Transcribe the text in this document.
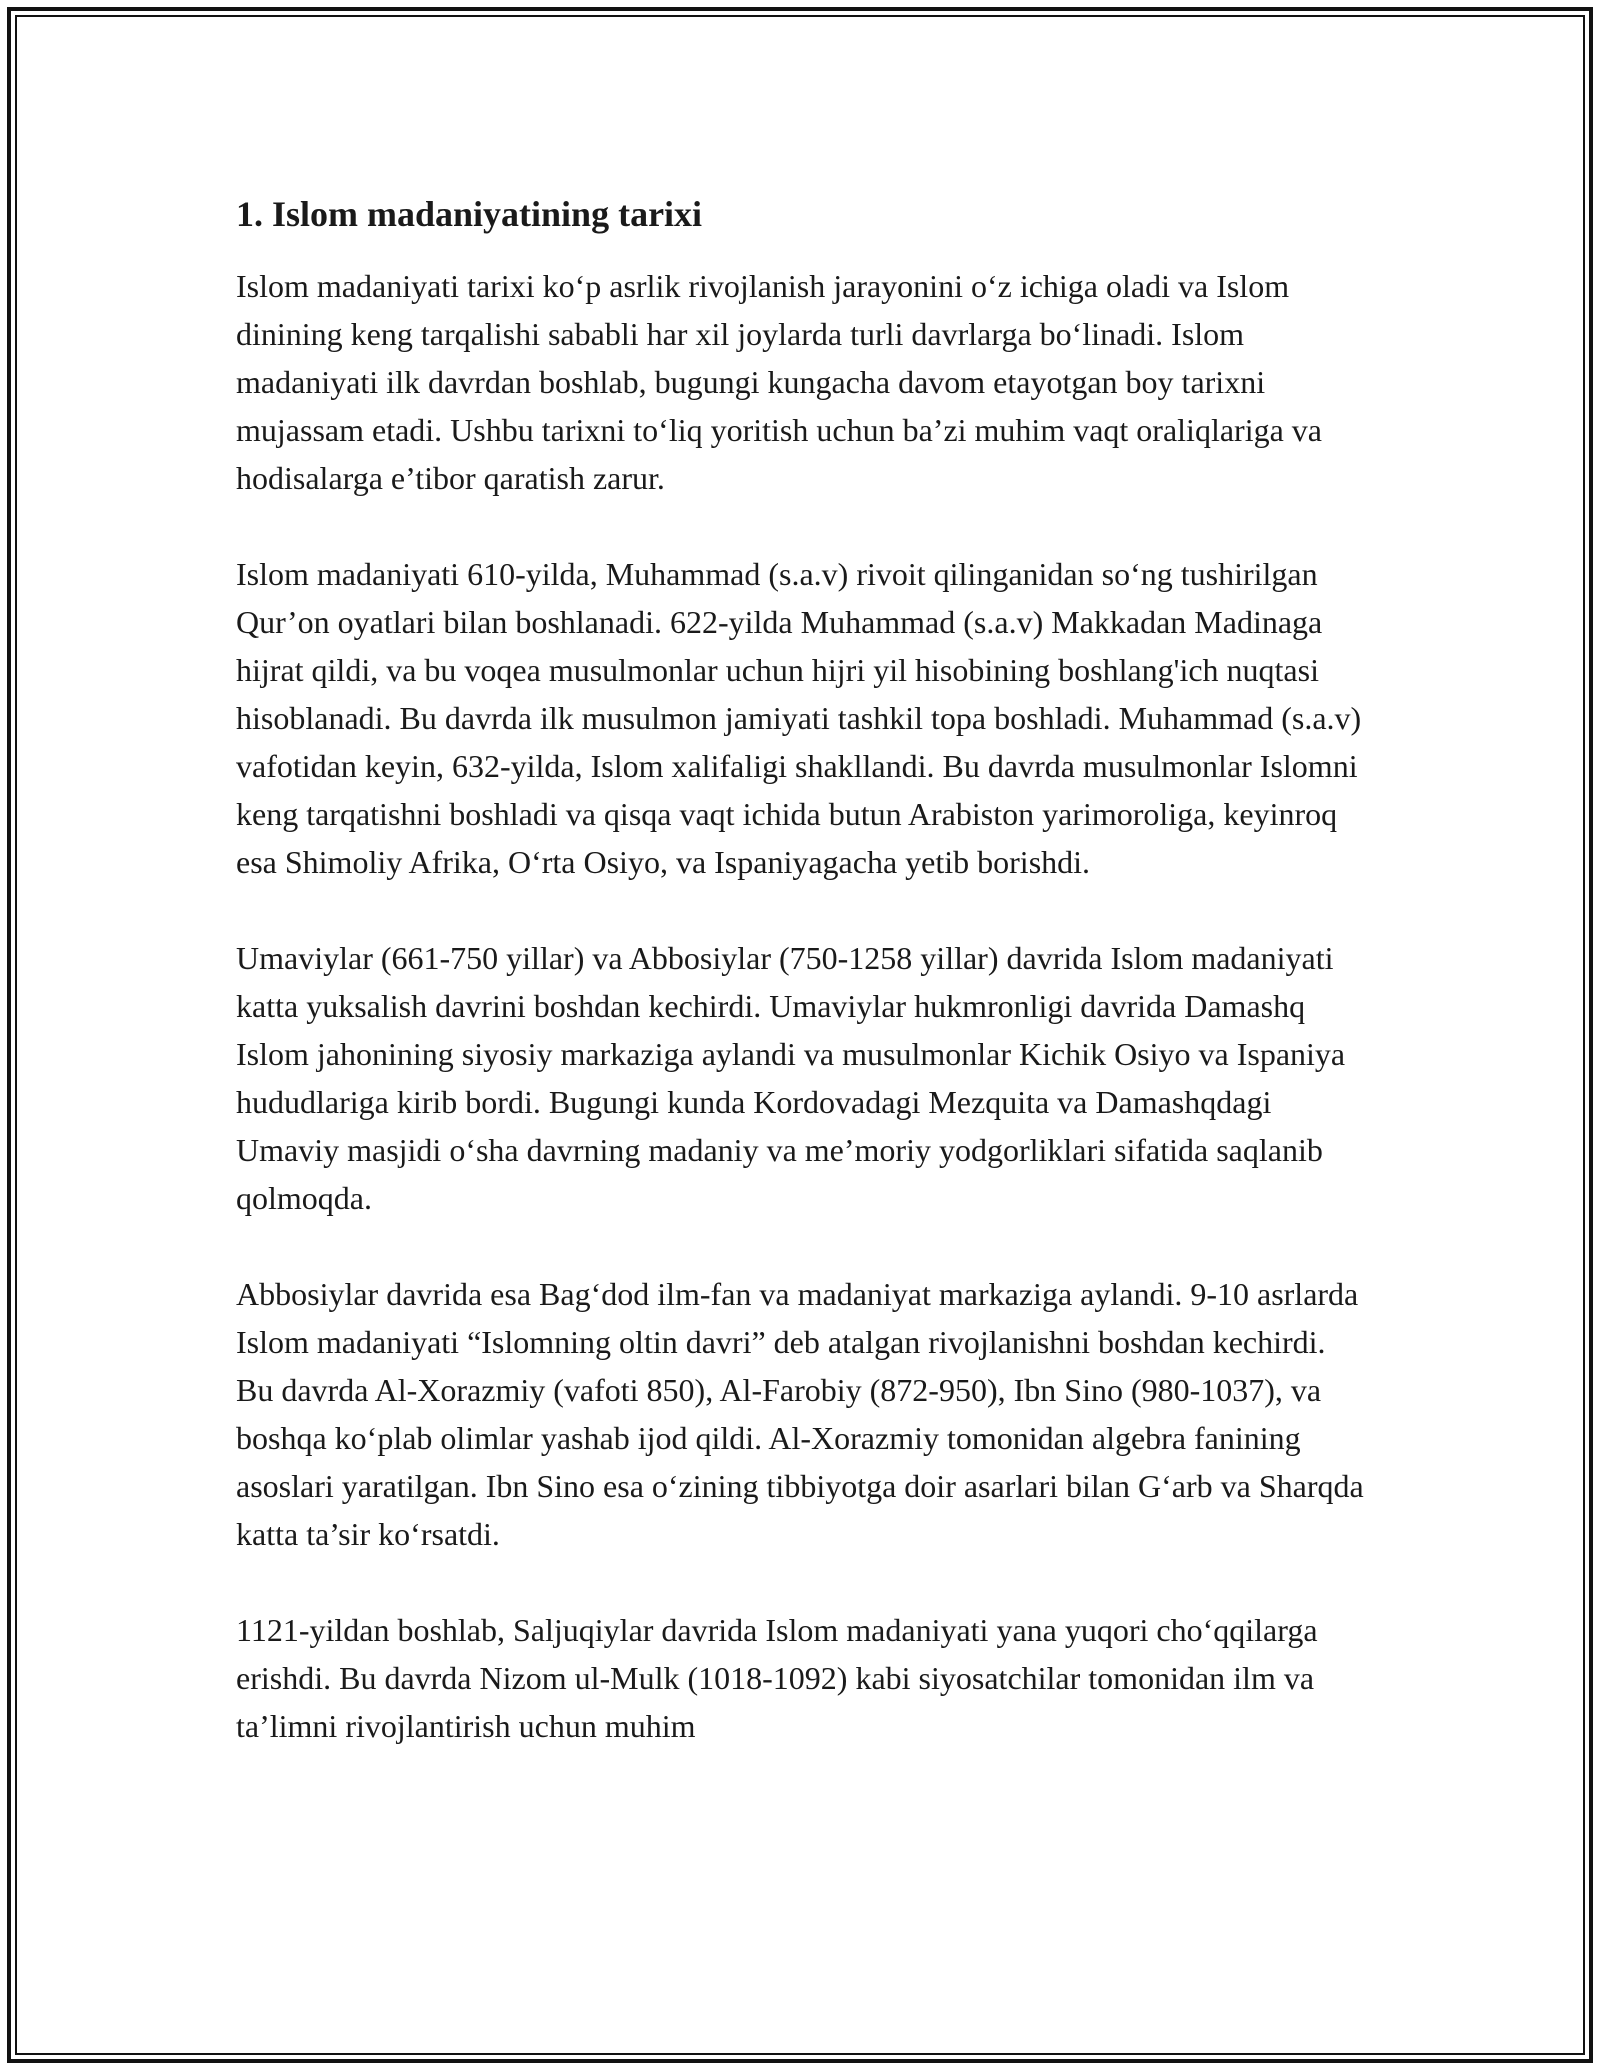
1. Islom madaniyatining tarixi

Islom madaniyati tarixi koʻp asrlik rivojlanish jarayonini oʻz ichiga oladi va Islom dinining keng tarqalishi sababli har xil joylarda turli davrlarga boʻlinadi. Islom madaniyati ilk davrdan boshlab, bugungi kungacha davom etayotgan boy tarixni mujassam etadi. Ushbu tarixni toʻliq yoritish uchun ba’zi muhim vaqt oraliqlariga va hodisalarga e’tibor qaratish zarur.

Islom madaniyati 610-yilda, Muhammad (s.a.v) rivoit qilinganidan soʻng tushirilgan Qur’on oyatlari bilan boshlanadi. 622-yilda Muhammad (s.a.v) Makkadan Madinaga hijrat qildi, va bu voqea musulmonlar uchun hijri yil hisobining boshlang'ich nuqtasi hisoblanadi. Bu davrda ilk musulmon jamiyati tashkil topa boshladi. Muhammad (s.a.v) vafotidan keyin, 632-yilda, Islom xalifaligi shakllandi. Bu davrda musulmonlar Islomni keng tarqatishni boshladi va qisqa vaqt ichida butun Arabiston yarimoroliga, keyinroq esa Shimoliy Afrika, Oʻrta Osiyo, va Ispaniyagacha yetib borishdi.

Umaviylar (661-750 yillar) va Abbosiylar (750-1258 yillar) davrida Islom madaniyati katta yuksalish davrini boshdan kechirdi. Umaviylar hukmronligi davrida Damashq Islom jahonining siyosiy markaziga aylandi va musulmonlar Kichik Osiyo va Ispaniya hududlariga kirib bordi. Bugungi kunda Kordovadagi Mezquita va Damashqdagi Umaviy masjidi oʻsha davrning madaniy va me’moriy yodgorliklari sifatida saqlanib qolmoqda.

Abbosiylar davrida esa Bagʻdod ilm-fan va madaniyat markaziga aylandi. 9-10 asrlarda Islom madaniyati “Islomning oltin davri” deb atalgan rivojlanishni boshdan kechirdi. Bu davrda Al-Xorazmiy (vafoti 850), Al-Farobiy (872-950), Ibn Sino (980-1037), va boshqa koʻplab olimlar yashab ijod qildi. Al-Xorazmiy tomonidan algebra fanining asoslari yaratilgan. Ibn Sino esa oʻzining tibbiyotga doir asarlari bilan Gʻarb va Sharqda katta ta’sir koʻrsatdi.

1121-yildan boshlab, Saljuqiylar davrida Islom madaniyati yana yuqori choʻqqilarga erishdi. Bu davrda Nizom ul-Mulk (1018-1092) kabi siyosatchilar tomonidan ilm va ta’limni rivojlantirish uchun muhim
